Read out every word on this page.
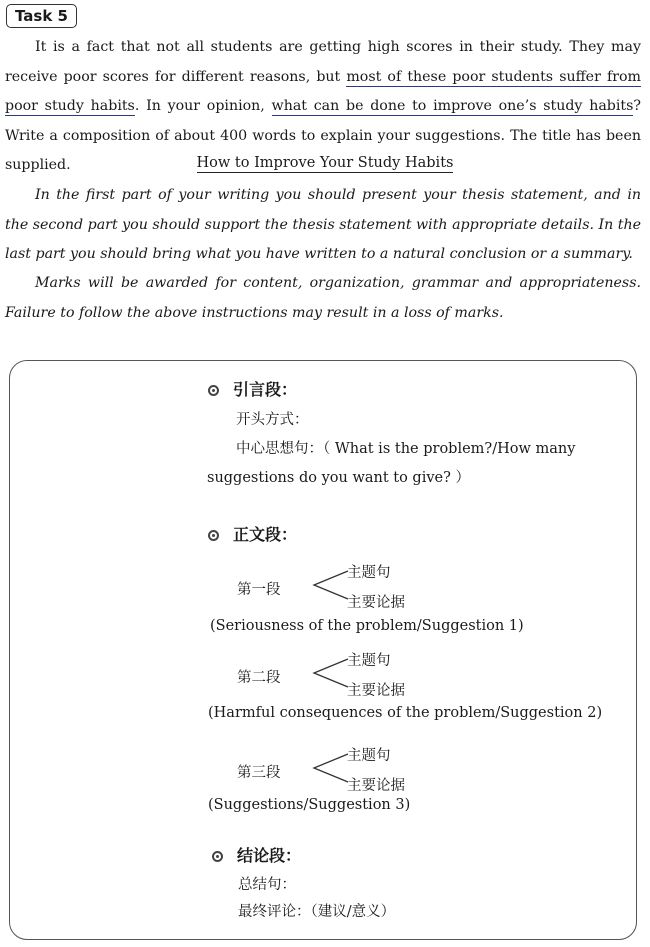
Task 5

It is a fact that not all students are getting high scores in their study. They may receive poor scores for different reasons, but most of these poor students suffer from poor study habits. In your opinion, what can be done to improve one’s study habits? Write a composition of about 400 words to explain your suggestions. The title has been supplied.	How to Improve Your Study Habits

In the first part of your writing you should present your thesis statement, and in the second part you should support the thesis statement with appropriate details. In the last part you should bring what you have written to a natural conclusion or a summary.

Marks will be awarded for content, organization, grammar and appropriateness. Failure to follow the above instructions may result in a loss of marks.

引言段：
开头方式：
中心思想句：（ What is the problem?/How many
suggestions do you want to give? ）
正文段：
第一段
主题句
主要论据
(Seriousness of the problem/Suggestion 1)
第二段
主题句
主要论据
(Harmful consequences of the problem/Suggestion 2)
第三段
主题句
主要论据
(Suggestions/Suggestion 3)
结论段：
总结句：
最终评论：（建议/意义）
